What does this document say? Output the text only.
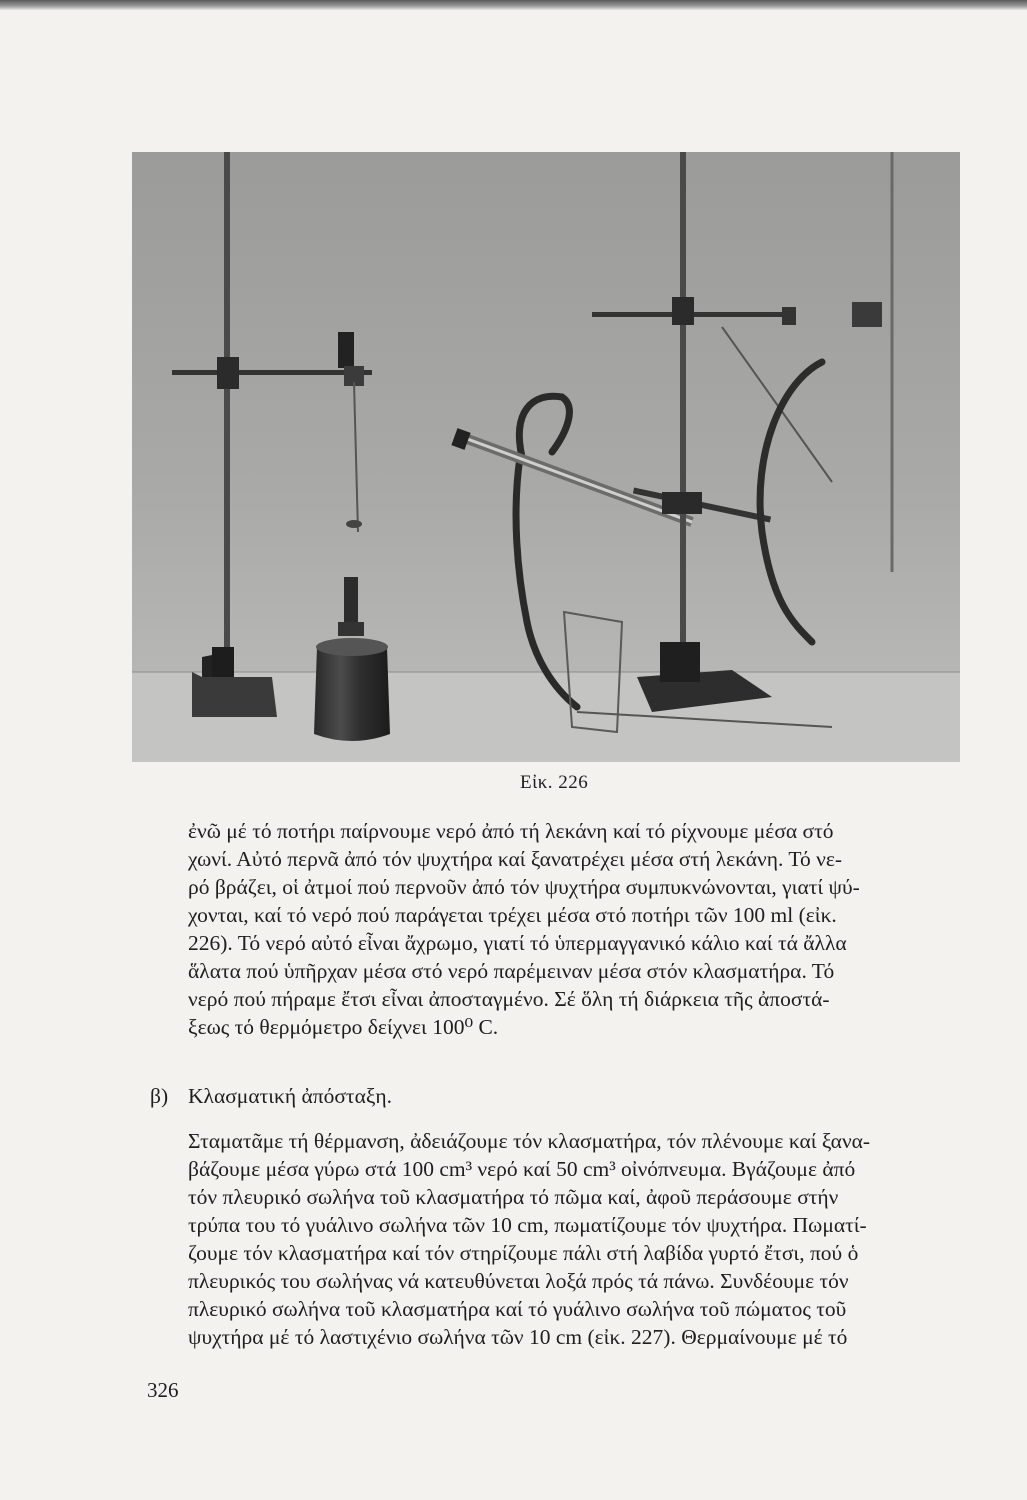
Εἰκ. 226
ἐνῶ μέ τό ποτήρι παίρνουμε νερό ἀπό τή λεκάνη καί τό ρίχνουμε μέσα στό
χωνί. Αὐτό περνᾶ ἀπό τόν ψυχτήρα καί ξανατρέχει μέσα στή λεκάνη. Τό νε-
ρό βράζει, οἱ ἀτμοί πού περνοῦν ἀπό τόν ψυχτήρα συμπυκνώνονται, γιατί ψύ-
χονται, καί τό νερό πού παράγεται τρέχει μέσα στό ποτήρι τῶν 100 ml (εἰκ.
226). Τό νερό αὐτό εἶναι ἄχρωμο, γιατί τό ὑπερμαγγανικό κάλιο καί τά ἄλλα
ἅλατα πού ὑπῆρχαν μέσα στό νερό παρέμειναν μέσα στόν κλασματήρα. Τό
νερό πού πήραμε ἔτσι εἶναι ἀποσταγμένο. Σέ ὅλη τή διάρκεια τῆς ἀποστά-
ξεως τό θερμόμετρο δείχνει 100⁰ C.
β) Κλασματική ἀπόσταξη.
Σταματᾶμε τή θέρμανση, ἀδειάζουμε τόν κλασματήρα, τόν πλένουμε καί ξανα-
βάζουμε μέσα γύρω στά 100 cm³ νερό καί 50 cm³ οἰνόπνευμα. Βγάζουμε ἀπό
τόν πλευρικό σωλήνα τοῦ κλασματήρα τό πῶμα καί, ἀφοῦ περάσουμε στήν
τρύπα του τό γυάλινο σωλήνα τῶν 10 cm, πωματίζουμε τόν ψυχτήρα. Πωματί-
ζουμε τόν κλασματήρα καί τόν στηρίζουμε πάλι στή λαβίδα γυρτό ἔτσι, πού ὁ
πλευρικός του σωλήνας νά κατευθύνεται λοξά πρός τά πάνω. Συνδέουμε τόν
πλευρικό σωλήνα τοῦ κλασματήρα καί τό γυάλινο σωλήνα τοῦ πώματος τοῦ
ψυχτήρα μέ τό λαστιχένιο σωλήνα τῶν 10 cm (εἰκ. 227). Θερμαίνουμε μέ τό
326
